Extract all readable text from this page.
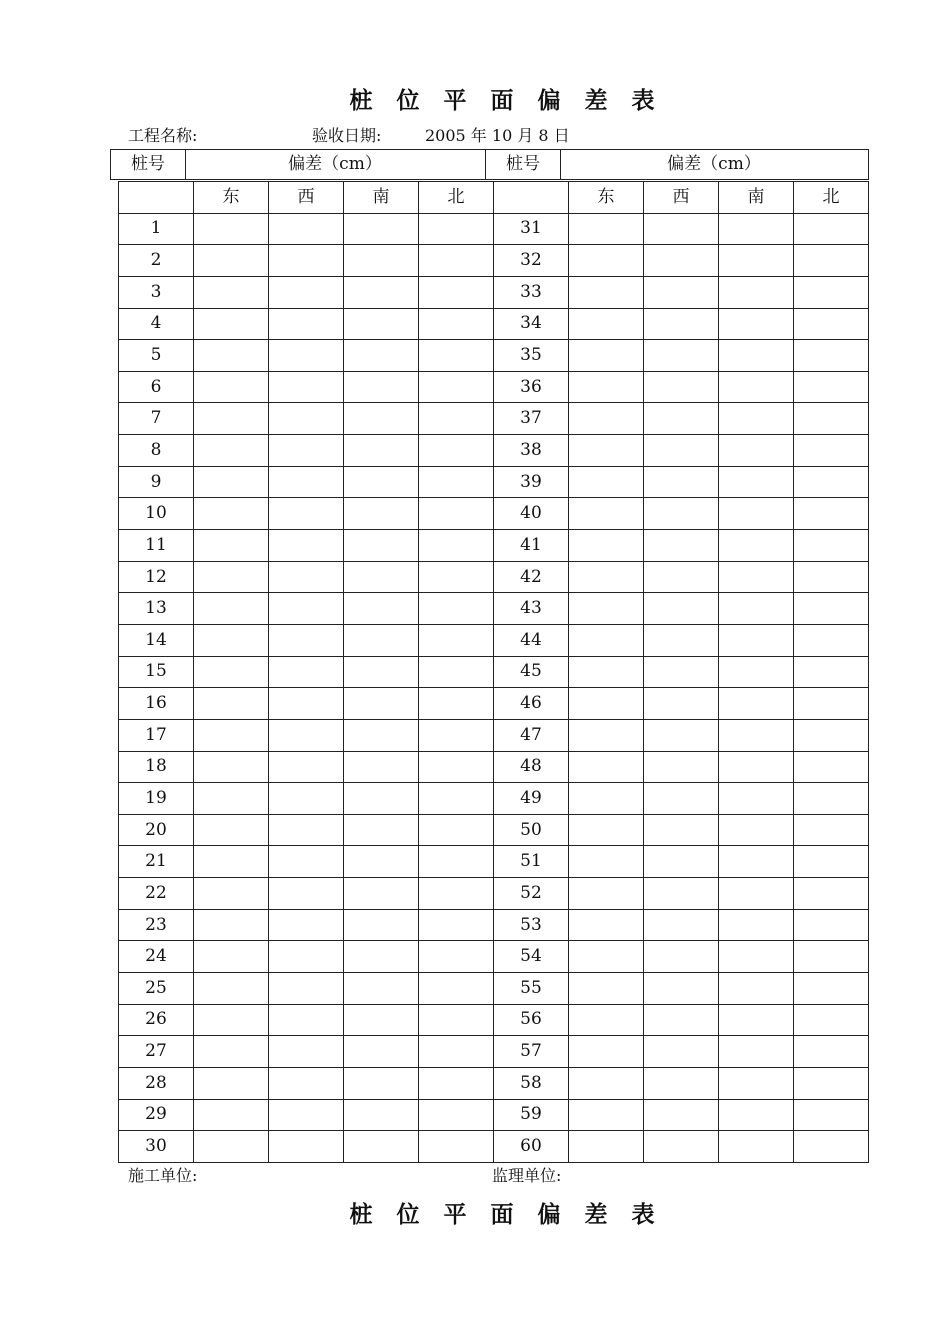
桩 位 平 面 偏 差 表
工程名称:	验收日期:	2005 年 10 月 8 日
桩号	偏差（cm）	桩号	偏差（cm）
	东	西	南	北		东	西	南	北
1					31				
2					32				
3					33				
4					34				
5					35				
6					36				
7					37				
8					38				
9					39				
10					40				
11					41				
12					42				
13					43				
14					44				
15					45				
16					46				
17					47				
18					48				
19					49				
20					50				
21					51				
22					52				
23					53				
24					54				
25					55				
26					56				
27					57				
28					58				
29					59				
30					60				
施工单位:	监理单位:
桩 位 平 面 偏 差 表
